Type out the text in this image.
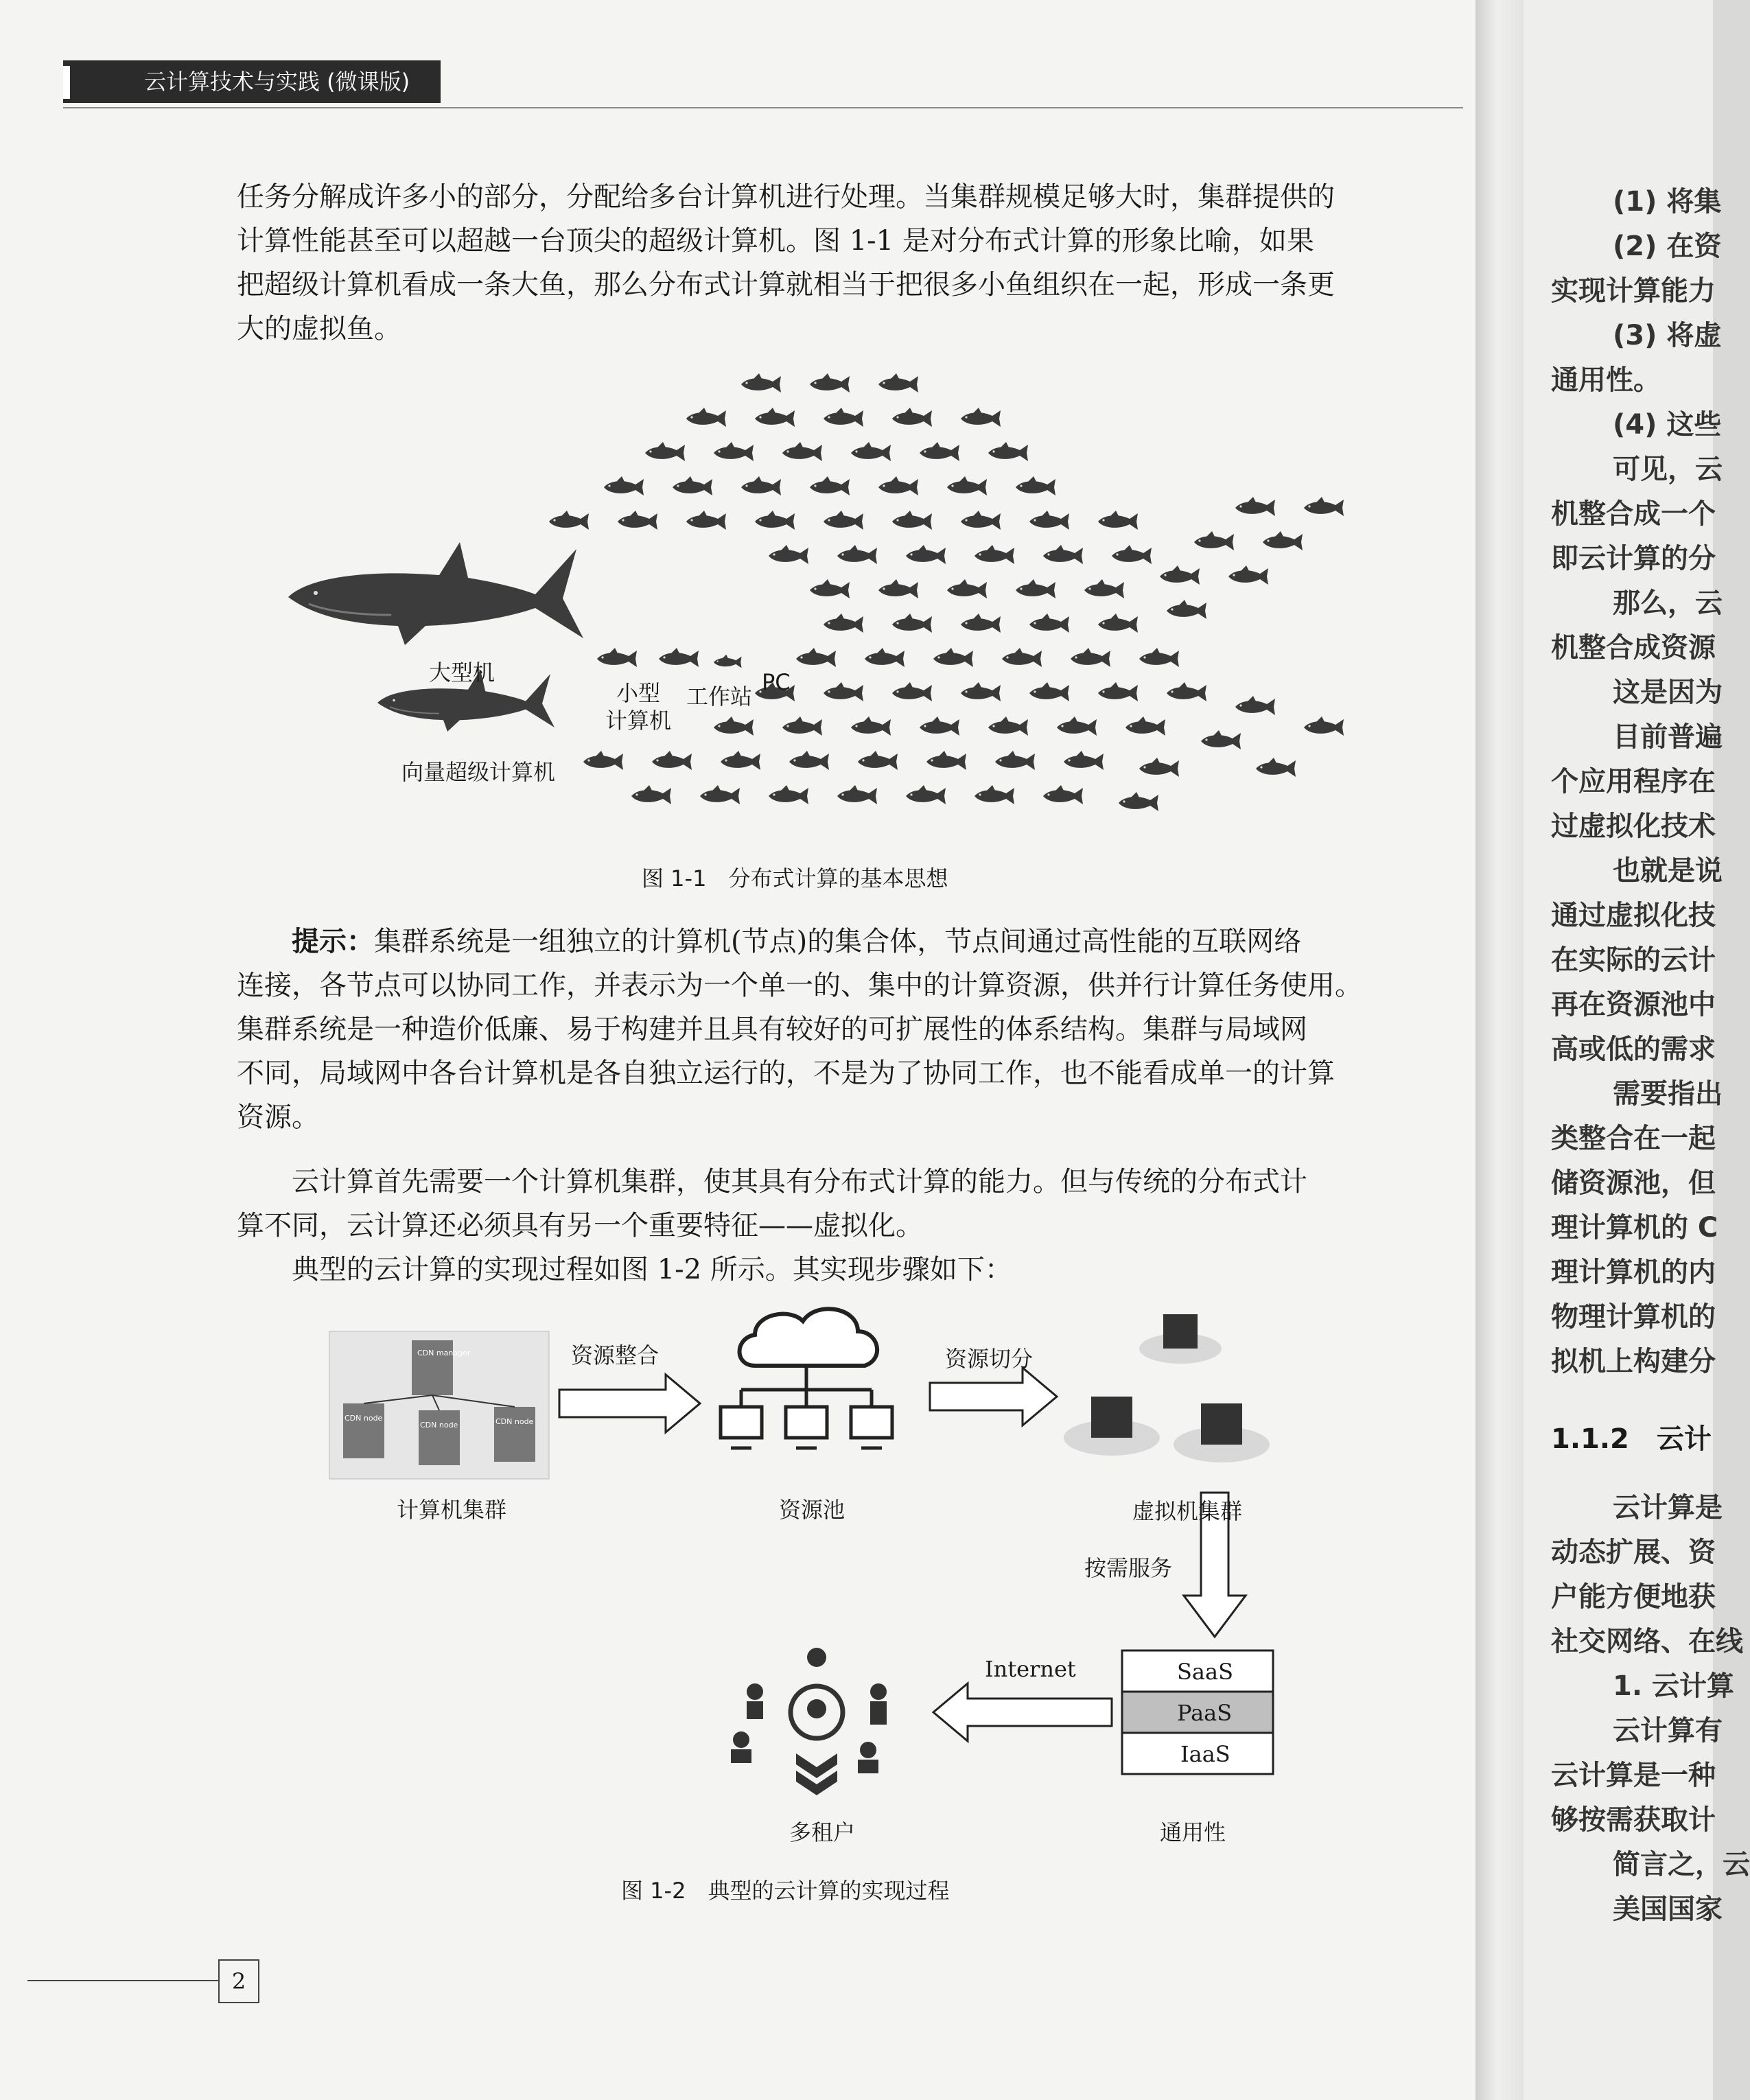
云计算技术与实践 (微课版)

任务分解成许多小的部分，分配给多台计算机进行处理。当集群规模足够大时，集群提供的
计算性能甚至可以超越一台顶尖的超级计算机。图 1-1 是对分布式计算的形象比喻，如果
把超级计算机看成一条大鱼，那么分布式计算就相当于把很多小鱼组织在一起，形成一条更
大的虚拟鱼。

大型机
向量超级计算机
小型
计算机
工作站
PC
图 1-1　分布式计算的基本思想

提示：集群系统是一组独立的计算机(节点)的集合体，节点间通过高性能的互联网络
连接，各节点可以协同工作，并表示为一个单一的、集中的计算资源，供并行计算任务使用。
集群系统是一种造价低廉、易于构建并且具有较好的可扩展性的体系结构。集群与局域网
不同，局域网中各台计算机是各自独立运行的，不是为了协同工作，也不能看成单一的计算
资源。

云计算首先需要一个计算机集群，使其具有分布式计算的能力。但与传统的分布式计
算不同，云计算还必须具有另一个重要特征——虚拟化。

典型的云计算的实现过程如图 1-2 所示。其实现步骤如下：

CDN manager
CDN node
CDN node	CDN node
计算机集群
资源整合
资源池
资源切分
虚拟机集群
按需服务
Internet	SaaS
PaaS
IaaS
多租户	通用性
图 1-2　典型的云计算的实现过程
2
(1) 将集
(2) 在资
实现计算能力
(3) 将虚
通用性。
(4) 这些
可见，云
机整合成一个
即云计算的分
那么，云
机整合成资源
这是因为
目前普遍
个应用程序在
过虚拟化技术
也就是说
通过虚拟化技
在实际的云计
再在资源池中
高或低的需求
需要指出
类整合在一起
储资源池，但
理计算机的 C
理计算机的内
物理计算机的
拟机上构建分
1.1.2　云计
云计算是
动态扩展、资
户能方便地获
社交网络、在线
1. 云计算
云计算有
云计算是一种
够按需获取计
简言之，云
美国国家
